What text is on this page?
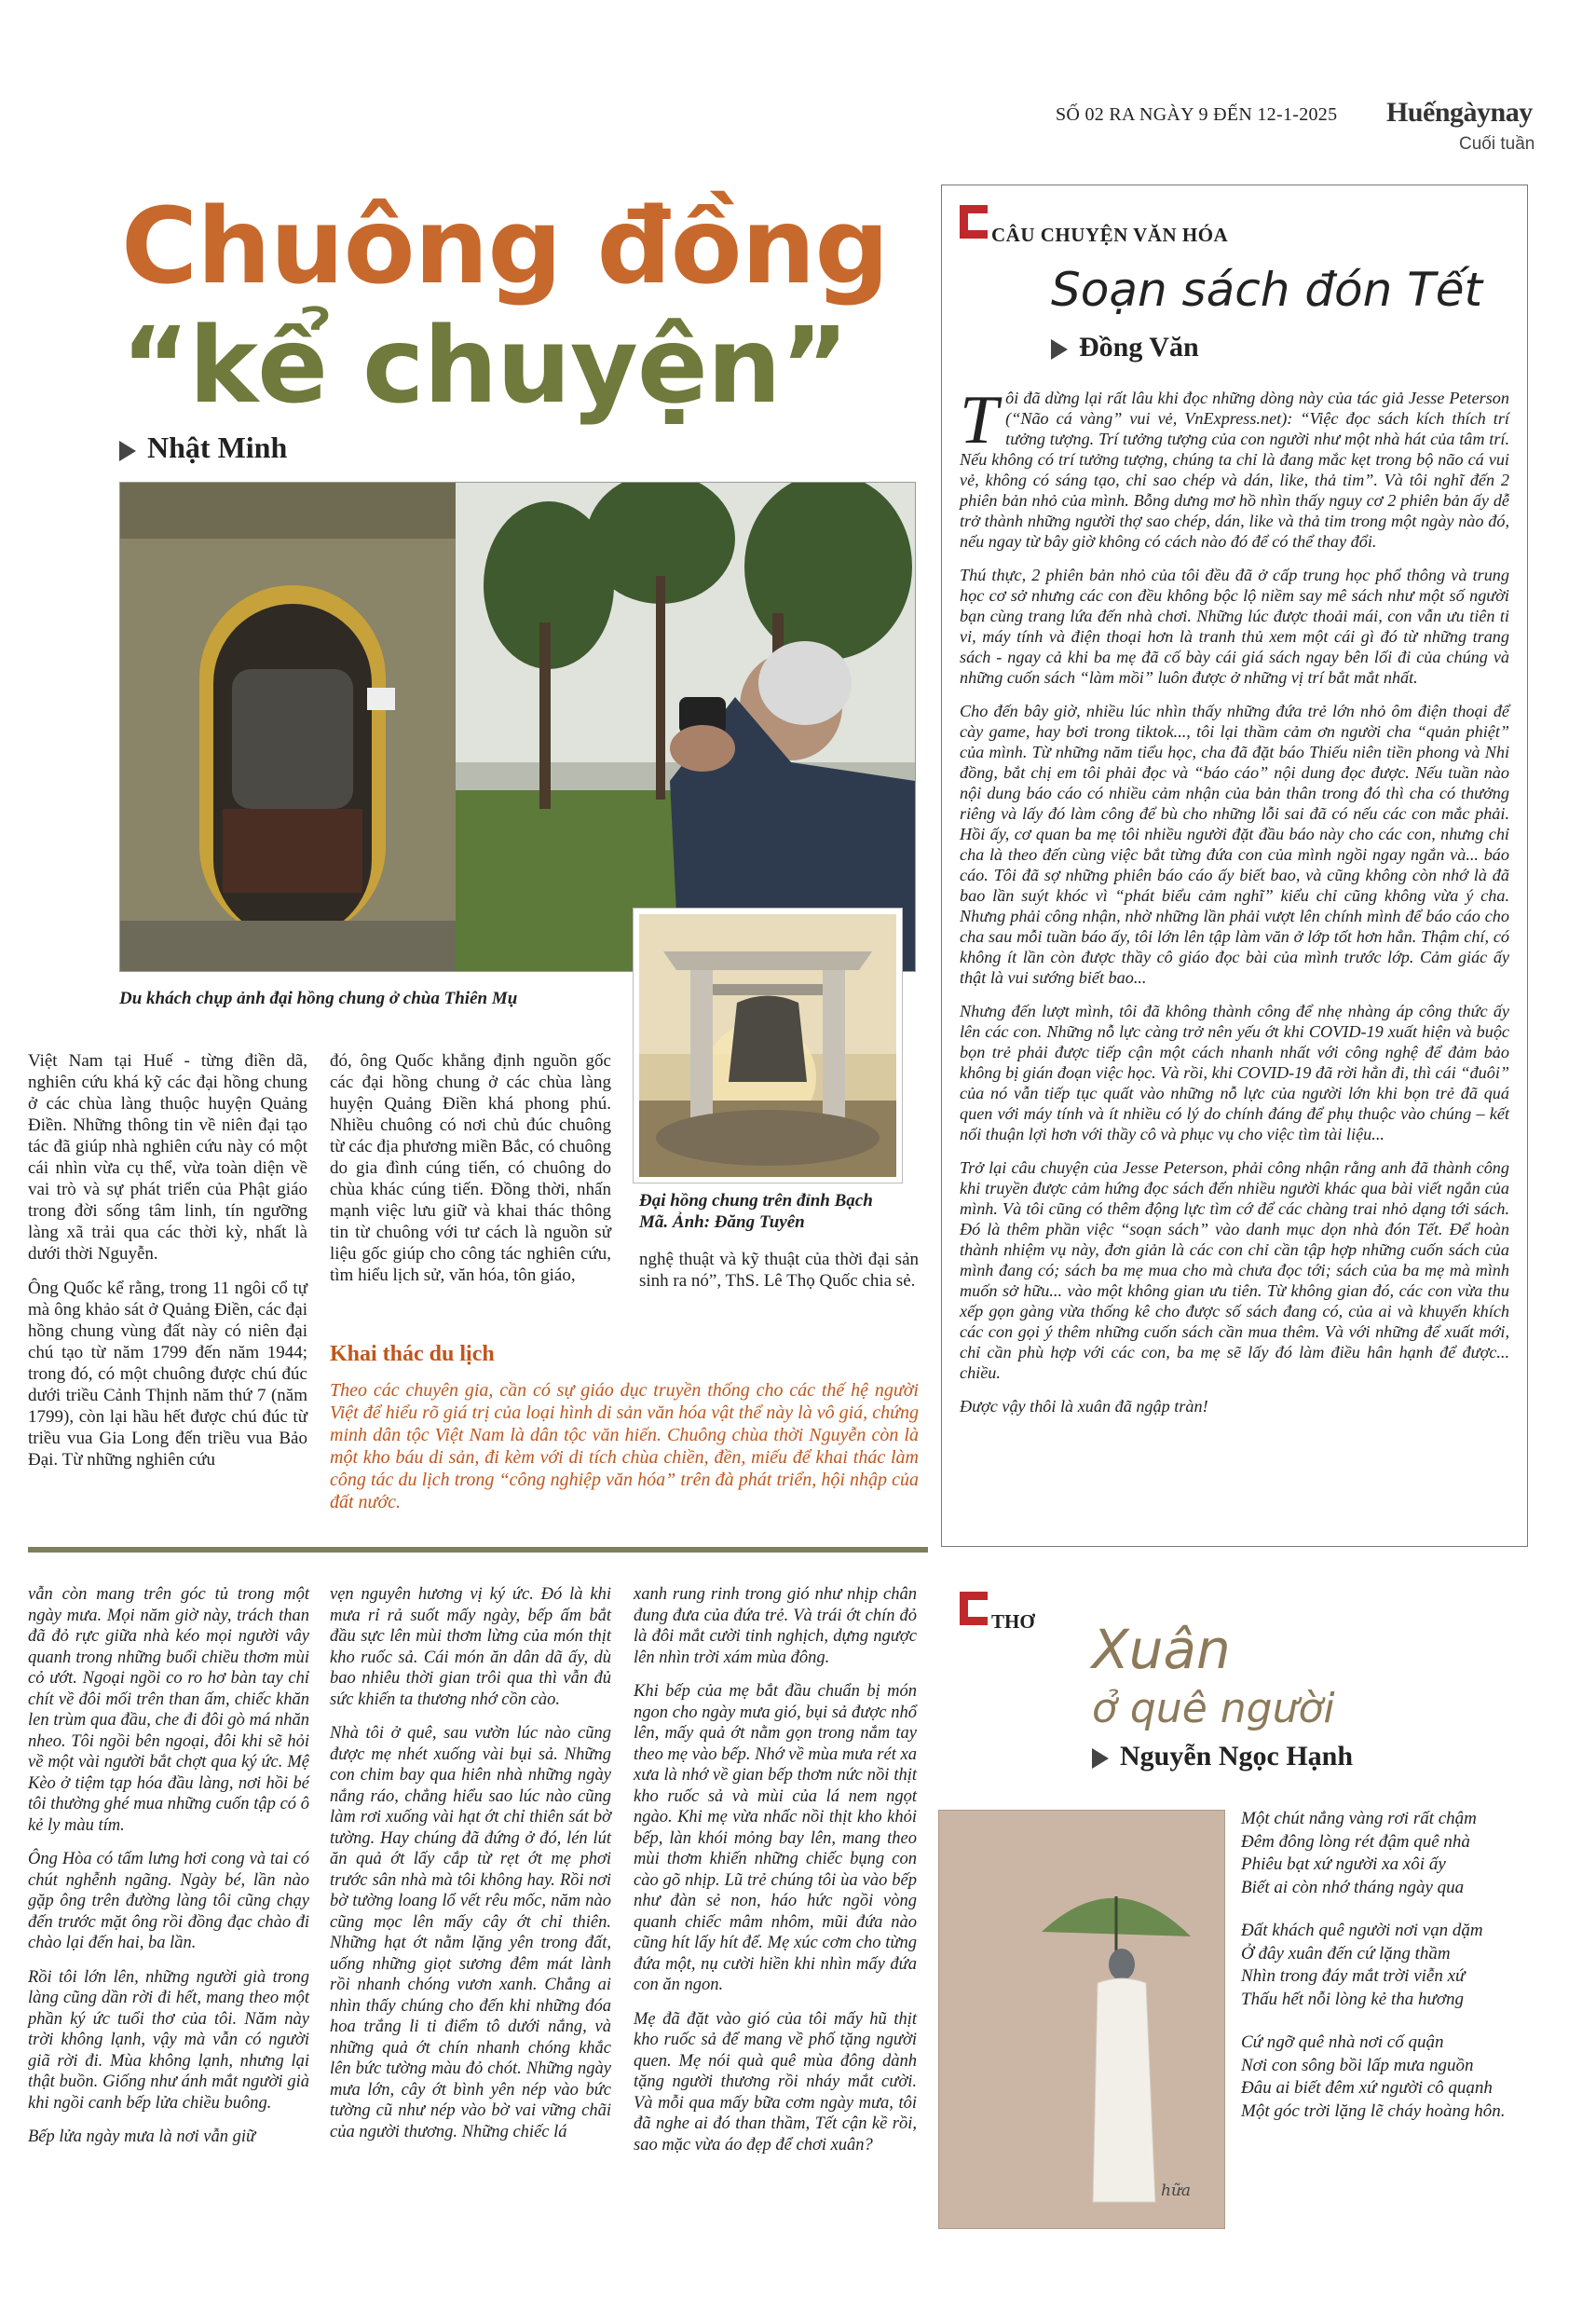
SỐ 02 RA NGÀY 9 ĐẾN 12-1-2025 Huếngàynay
Cuối tuần
Chuông đồng
“kể chuyện”
Nhật Minh
Du khách chụp ảnh đại hồng chung ở chùa Thiên Mụ
Đại hồng chung trên đỉnh Bạch Mã. Ảnh: Đăng Tuyên

Việt Nam tại Huế - từng điền dã, nghiên cứu khá kỹ các đại hồng chung ở các chùa làng thuộc huyện Quảng Điền. Những thông tin về niên đại tạo tác đã giúp nhà nghiên cứu này có một cái nhìn vừa cụ thể, vừa toàn diện về vai trò và sự phát triển của Phật giáo trong đời sống tâm linh, tín ngưỡng làng xã trải qua các thời kỳ, nhất là dưới thời Nguyễn.

Ông Quốc kể rằng, trong 11 ngôi cổ tự mà ông khảo sát ở Quảng Điền, các đại hồng chung vùng đất này có niên đại chú tạo từ năm 1799 đến năm 1944; trong đó, có một chuông được chú đúc dưới triều Cảnh Thịnh năm thứ 7 (năm 1799), còn lại hầu hết được chú đúc từ triều vua Gia Long đến triều vua Bảo Đại. Từ những nghiên cứu

đó, ông Quốc khẳng định nguồn gốc các đại hồng chung ở các chùa làng huyện Quảng Điền khá phong phú. Nhiều chuông có nơi chủ đúc chuông từ các địa phương miền Bắc, có chuông do gia đình cúng tiến, có chuông do chùa khác cúng tiến. Đồng thời, nhấn mạnh việc lưu giữ và khai thác thông tin từ chuông với tư cách là nguồn sử liệu gốc giúp cho công tác nghiên cứu, tìm hiểu lịch sử, văn hóa, tôn giáo,

nghệ thuật và kỹ thuật của thời đại sản sinh ra nó”, ThS. Lê Thọ Quốc chia sẻ.

Khai thác du lịch
Theo các chuyên gia, cần có sự giáo dục truyền thống cho các thế hệ người Việt để hiểu rõ giá trị của loại hình di sản văn hóa vật thể này là vô giá, chứng minh dân tộc Việt Nam là dân tộc văn hiến. Chuông chùa thời Nguyễn còn là một kho báu di sản, đi kèm với di tích chùa chiền, đền, miếu để khai thác làm công tác du lịch trong “công nghiệp văn hóa” trên đà phát triển, hội nhập của đất nước.
CÂU CHUYỆN VĂN HÓA
Soạn sách đón Tết
Đồng Văn

Tôi đã dừng lại rất lâu khi đọc những dòng này của tác giả Jesse Peterson (“Não cá vàng” vui vẻ, VnExpress.net): “Việc đọc sách kích thích trí tưởng tượng. Trí tưởng tượng của con người như một nhà hát của tâm trí. Nếu không có trí tưởng tượng, chúng ta chỉ là đang mắc kẹt trong bộ não cá vui vẻ, không có sáng tạo, chỉ sao chép và dán, like, thả tim”. Và tôi nghĩ đến 2 phiên bản nhỏ của mình. Bỗng dưng mơ hồ nhìn thấy nguy cơ 2 phiên bản ấy dễ trở thành những người thợ sao chép, dán, like và thả tim trong một ngày nào đó, nếu ngay từ bây giờ không có cách nào đó để có thể thay đổi.

Thú thực, 2 phiên bản nhỏ của tôi đều đã ở cấp trung học phổ thông và trung học cơ sở nhưng các con đều không bộc lộ niềm say mê sách như một số người bạn cùng trang lứa đến nhà chơi. Những lúc được thoải mái, con vẫn ưu tiên ti vi, máy tính và điện thoại hơn là tranh thủ xem một cái gì đó từ những trang sách - ngay cả khi ba mẹ đã cố bày cái giá sách ngay bên lối đi của chúng và những cuốn sách “làm mồi” luôn được ở những vị trí bắt mắt nhất.

Cho đến bây giờ, nhiều lúc nhìn thấy những đứa trẻ lớn nhỏ ôm điện thoại để cày game, hay bơi trong tiktok..., tôi lại thầm cảm ơn người cha “quản phiệt” của mình. Từ những năm tiểu học, cha đã đặt báo Thiếu niên tiền phong và Nhi đồng, bắt chị em tôi phải đọc và “báo cáo” nội dung đọc được. Nếu tuần nào nội dung báo cáo có nhiều cảm nhận của bản thân trong đó thì cha có thưởng riêng và lấy đó làm công để bù cho những lỗi sai đã có nếu các con mắc phải. Hồi ấy, cơ quan ba mẹ tôi nhiều người đặt đầu báo này cho các con, nhưng chỉ cha là theo đến cùng việc bắt từng đứa con của mình ngồi ngay ngắn và... báo cáo. Tôi đã sợ những phiên báo cáo ấy biết bao, và cũng không còn nhớ là đã bao lần suýt khóc vì “phát biểu cảm nghĩ” kiểu chỉ cũng không vừa ý cha. Nhưng phải công nhận, nhờ những lần phải vượt lên chính mình để báo cáo cho cha sau mỗi tuần báo ấy, tôi lớn lên tập làm văn ở lớp tốt hơn hẳn. Thậm chí, có không ít lần còn được thầy cô giáo đọc bài của mình trước lớp. Cảm giác ấy thật là vui sướng biết bao...

Nhưng đến lượt mình, tôi đã không thành công để nhẹ nhàng áp công thức ấy lên các con. Những nỗ lực càng trở nên yếu ớt khi COVID-19 xuất hiện và buộc bọn trẻ phải được tiếp cận một cách nhanh nhất với công nghệ để đảm bảo không bị gián đoạn việc học. Và rồi, khi COVID-19 đã rời hẳn đi, thì cái “đuôi” của nó vẫn tiếp tục quất vào những nỗ lực của người lớn khi bọn trẻ đã quá quen với máy tính và ít nhiều có lý do chính đáng để phụ thuộc vào chúng – kết nối thuận lợi hơn với thầy cô và phục vụ cho việc tìm tài liệu...

Trở lại câu chuyện của Jesse Peterson, phải công nhận rằng anh đã thành công khi truyền được cảm hứng đọc sách đến nhiều người khác qua bài viết ngắn của mình. Và tôi cũng có thêm động lực tìm cớ để các chàng trai nhỏ dạng tới sách. Đó là thêm phần việc “soạn sách” vào danh mục dọn nhà đón Tết. Để hoàn thành nhiệm vụ này, đơn giản là các con chỉ cần tập hợp những cuốn sách của mình đang có; sách ba mẹ mua cho mà chưa đọc tới; sách của ba mẹ mà mình muốn sở hữu... vào một không gian ưu tiên. Từ không gian đó, các con vừa thu xếp gọn gàng vừa thống kê cho được số sách đang có, của ai và khuyến khích các con gọi ý thêm những cuốn sách cần mua thêm. Và với những để xuất mới, chỉ cần phù hợp với các con, ba mẹ sẽ lấy đó làm điều hân hạnh để được... chiều.

Được vậy thôi là xuân đã ngập tràn!

vẫn còn mang trên góc tủ trong một ngày mưa. Mọi năm giờ này, trách than đã đỏ rực giữa nhà kéo mọi người vây quanh trong những buổi chiều thơm mùi cỏ ướt. Ngoại ngồi co ro hơ bàn tay chỉ chít về đôi mối trên than ấm, chiếc khăn len trùm qua đầu, che đi đôi gò má nhăn nheo. Tôi ngồi bên ngoại, đôi khi sẽ hỏi về một vài người bắt chợt qua ký ức. Mệ Kèo ở tiệm tạp hóa đầu làng, nơi hồi bé tôi thường ghé mua những cuốn tập có ô kẻ ly màu tím.

Ông Hòa có tấm lưng hơi cong và tai có chút nghễnh ngãng. Ngày bé, lần nào gặp ông trên đường làng tôi cũng chạy đến trước mặt ông rồi đồng đạc chào đi chào lại đến hai, ba lần.

Rồi tôi lớn lên, những người già trong làng cũng dần rời đi hết, mang theo một phần ký ức tuổi thơ của tôi. Năm này trời không lạnh, vậy mà vẫn có người giã rời đi. Mùa không lạnh, nhưng lại thật buồn. Giống như ánh mắt người già khi ngồi canh bếp lửa chiều buông.

Bếp lửa ngày mưa là nơi vẫn giữ

vẹn nguyên hương vị ký ức. Đó là khi mưa rỉ rả suốt mấy ngày, bếp ấm bắt đầu sực lên mùi thơm lừng của món thịt kho ruốc sả. Cái món ăn dân dã ấy, dù bao nhiêu thời gian trôi qua thì vẫn đủ sức khiến ta thương nhớ cồn cào.

Nhà tôi ở quê, sau vườn lúc nào cũng được mẹ nhét xuống vài bụi sả. Những con chim bay qua hiên nhà những ngày nắng ráo, chẳng hiểu sao lúc nào cũng làm rơi xuống vài hạt ớt chỉ thiên sát bờ tường. Hay chúng đã đứng ở đó, lén lút ăn quả ớt lấy cắp từ rẹt ớt mẹ phơi trước sân nhà mà tôi không hay. Rồi nơi bờ tường loang lổ vết rêu mốc, năm nào cũng mọc lên mấy cây ớt chỉ thiên. Những hạt ớt nằm lặng yên trong đất, uống những giọt sương đêm mát lành rồi nhanh chóng vươn xanh. Chẳng ai nhìn thấy chúng cho đến khi những đóa hoa trắng li ti điểm tô dưới nắng, và những quả ớt chín nhanh chóng khắc lên bức tường màu đỏ chót. Những ngày mưa lớn, cây ớt bình yên nép vào bức tường cũ như nép vào bờ vai vững chãi của người thương. Những chiếc lá

xanh rung rinh trong gió như nhịp chân đung đưa của đứa trẻ. Và trái ớt chín đỏ là đôi mắt cười tinh nghịch, dựng ngược lên nhìn trời xám mùa đông.

Khi bếp của mẹ bắt đầu chuẩn bị món ngon cho ngày mưa gió, bụi sả được nhổ lên, mấy quả ớt nằm gọn trong nắm tay theo mẹ vào bếp. Nhớ về mùa mưa rét xa xưa là nhớ về gian bếp thơm nức nồi thịt kho ruốc sả và mùi của lá nem ngọt ngào. Khi mẹ vừa nhấc nồi thịt kho khỏi bếp, làn khói mỏng bay lên, mang theo mùi thơm khiến những chiếc bụng con cào gõ nhịp. Lũ trẻ chúng tôi ùa vào bếp như đàn sẻ non, háo hức ngồi vòng quanh chiếc mâm nhôm, mũi đứa nào cũng hít lấy hít để. Mẹ xúc cơm cho từng đứa một, nụ cười hiền khi nhìn mấy đứa con ăn ngon.

Mẹ đã đặt vào gió của tôi mấy hũ thịt kho ruốc sả để mang về phố tặng người quen. Mẹ nói quà quê mùa đông dành tặng người thương rồi nháy mắt cười. Và mỗi qua mấy bữa cơm ngày mưa, tôi đã nghe ai đó than thầm, Tết cận kề rồi, sao mặc vừa áo đẹp để chơi xuân?

THƠ Xuân
ở quê người
Nguyễn Ngọc Hạnh
hữa
Một chút nắng vàng rơi rất chậm
Đêm đông lòng rét đậm quê nhà
Phiêu bạt xứ người xa xôi ấy
Biết ai còn nhớ tháng ngày qua
Đất khách quê người nơi vạn dặm
Ở đây xuân đến cứ lặng thầm
Nhìn trong đáy mắt trời viễn xứ
Thấu hết nỗi lòng kẻ tha hương
Cứ ngỡ quê nhà nơi cố quận
Nơi con sông bồi lấp mưa nguồn
Đâu ai biết đêm xứ người cô quạnh
Một góc trời lặng lẽ cháy hoàng hôn.
